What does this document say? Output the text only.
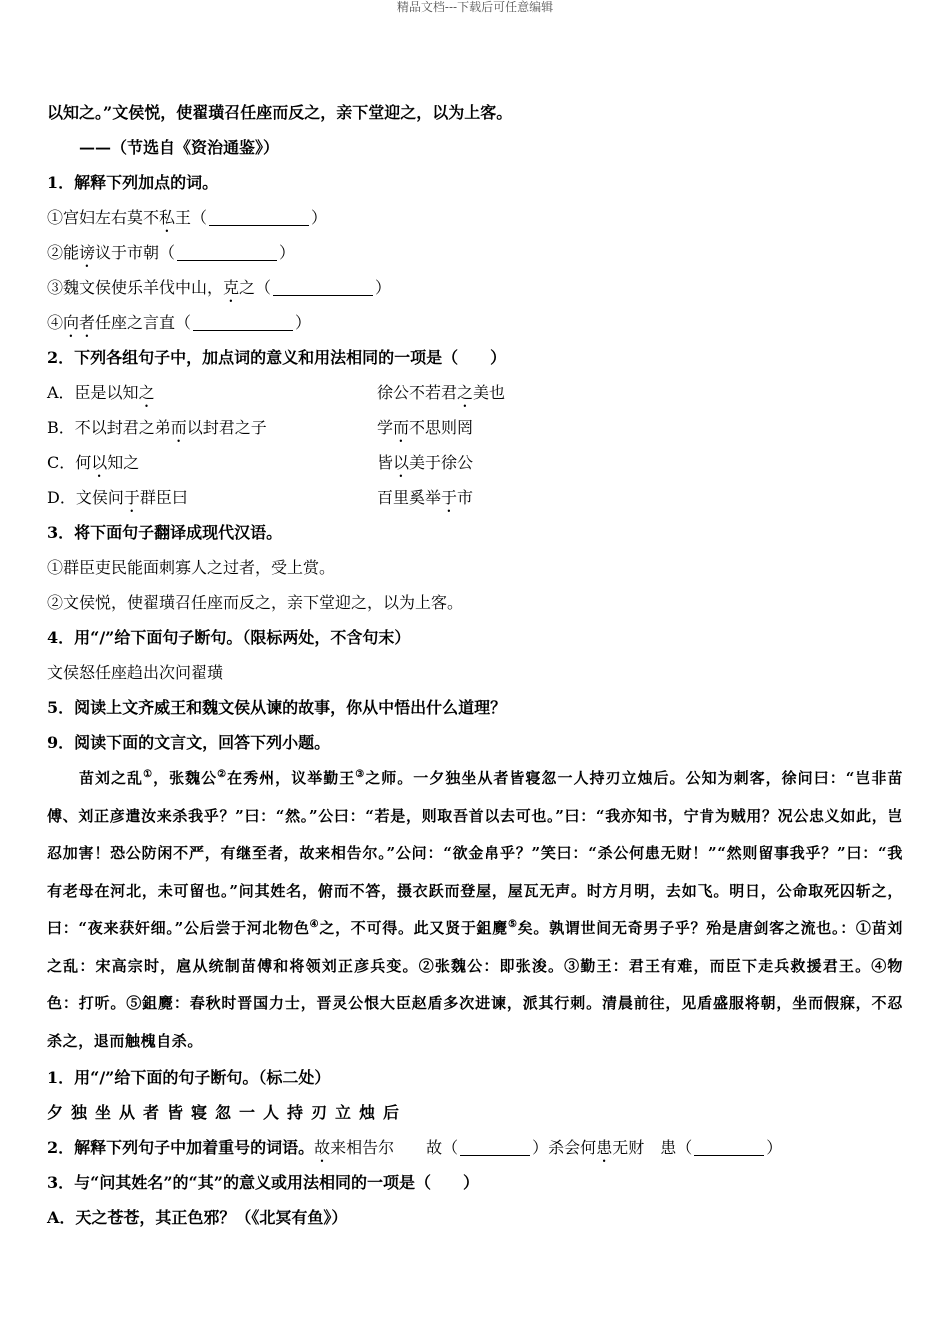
精品文档---下载后可任意编辑
以知之。”文侯悦，使翟璜召任座而反之，亲下堂迎之，以为上客。
——（节选自《资治通鉴》）
1．解释下列加点的词。
①宫妇左右莫不私王（	）
②能谤议于市朝（	）
③魏文侯使乐羊伐中山，克之（	）
④向者任座之言直（	）
2．下列各组句子中，加点词的意义和用法相同的一项是（　　）
A．臣是以知之	徐公不若君之美也
B．不以封君之弟而以封君之子	学而不思则罔
C．何以知之	皆以美于徐公
D．文侯问于群臣曰	百里奚举于市
3．将下面句子翻译成现代汉语。
①群臣吏民能面刺寡人之过者，受上赏。
②文侯悦，使翟璜召任座而反之，亲下堂迎之，以为上客。
4．用“/”给下面句子断句。（限标两处，不含句末）
文侯怒任座趋出次问翟璜
5．阅读上文齐威王和魏文侯从谏的故事，你从中悟出什么道理？
9．阅读下面的文言文，回答下列小题。
苗刘之乱①，张魏公②在秀州，议举勤王③之师。一夕独坐从者皆寝忽一人持刃立烛后。公知为刺客，徐问曰：“岂非苗傅、刘正彦遣汝来杀我乎？”曰：“然。”公曰：“若是，则取吾首以去可也。”曰：“我亦知书，宁肯为贼用？况公忠义如此，岂忍加害！恐公防闲不严，有继至者，故来相告尔。”公问：“欲金帛乎？”笑曰：“杀公何患无财！”“然则留事我乎？”曰：“我有老母在河北，未可留也。”问其姓名，俯而不答，摄衣跃而登屋，屋瓦无声。时方月明，去如飞。明日，公命取死囚斩之，曰：“夜来获奸细。”公后尝于河北物色④之，不可得。此又贤于鉏麑⑤矣。孰谓世间无奇男子乎？殆是唐剑客之流也。：①苗刘之乱：宋高宗时，扈从统制苗傅和将领刘正彦兵变。②张魏公：即张浚。③勤王：君王有难，而臣下走兵救援君王。④物色：打听。⑤鉏麑：春秋时晋国力士，晋灵公恨大臣赵盾多次进谏，派其行刺。清晨前往，见盾盛服将朝，坐而假寐，不忍杀之，退而触槐自杀。
1．用“/”给下面的句子断句。（标二处）
夕独坐从者皆寝忽一人持刃立烛后
2．解释下列句子中加着重号的词语。故来相告尔　　故（	）杀会何患无财　患（	）
3．与“问其姓名”的“其”的意义或用法相同的一项是（　　）
A．天之苍苍，其正色邪？（《北冥有鱼》）
